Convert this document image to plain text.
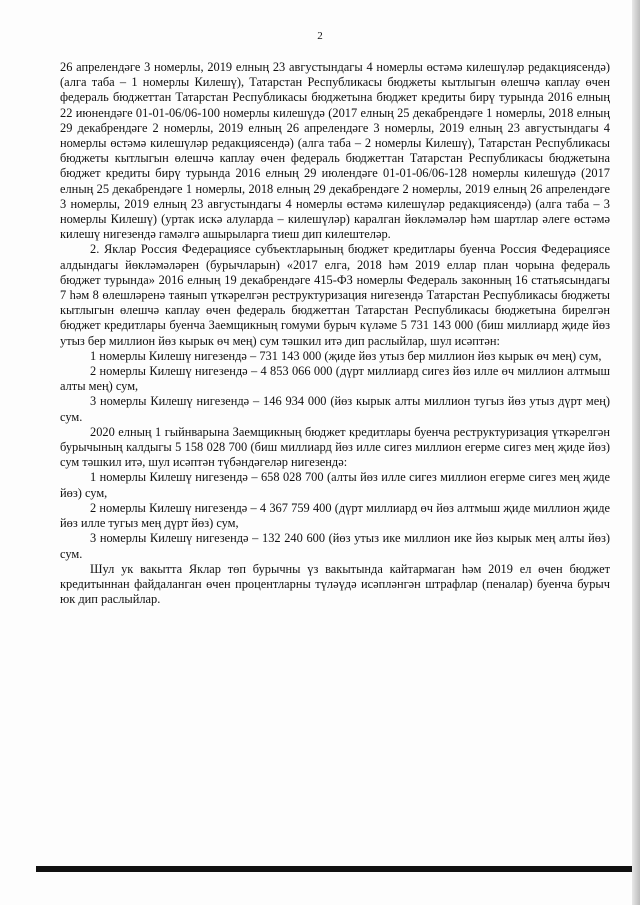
2

26 апрелендәге 3 номерлы, 2019 елның 23 августындагы 4 номерлы өстәмә килешүләр редакциясендә) (алга таба – 1 номерлы Килешү), Татарстан Республикасы бюджеты кытлыгын өлешчә каплау өчен федераль бюджеттан Татарстан Республикасы бюджетына бюджет кредиты бирү турында 2016 елның 22 июнендәге 01-01-06/06-100 номерлы килешүдә (2017 елның 25 декабрендәге 1 номерлы, 2018 елның 29 декабрендәге 2 номерлы, 2019 елның 26 апрелендәге 3 номерлы, 2019 елның 23 августындагы 4 номерлы өстәмә килешүләр редакциясендә) (алга таба – 2 номерлы Килешү), Татарстан Республикасы бюджеты кытлыгын өлешчә каплау өчен федераль бюджеттан Татарстан Республикасы бюджетына бюджет кредиты бирү турында 2016 елның 29 июлендәге 01-01-06/06-128 номерлы килешүдә (2017 елның 25 декабрендәге 1 номерлы, 2018 елның 29 декабрендәге 2 номерлы, 2019 елның 26 апрелендәге 3 номерлы, 2019 елның 23 августындагы 4 номерлы өстәмә килешүләр редакциясендә) (алга таба – 3 номерлы Килешү) (уртак искә алуларда – килешүләр) каралган йөкләмәләр һәм шартлар әлеге өстәмә килешү нигезендә гамәлгә ашырыларга тиеш дип килештеләр.

2. Яклар Россия Федерациясе субъектларының бюджет кредитлары буенча Россия Федерациясе алдындагы йөкләмәләрен (бурычларын) «2017 елга, 2018 һәм 2019 еллар план чорына федераль бюджет турында» 2016 елның 19 декабрендәге 415-ФЗ номерлы Федераль законның 16 статьясындагы 7 һәм 8 өлешләренә таянып үткәрелгән реструктуризация нигезендә Татарстан Республикасы бюджеты кытлыгын өлешчә каплау өчен федераль бюджеттан Татарстан Республикасы бюджетына бирелгән бюджет кредитлары буенча Заемщикның гомуми бурыч күләме 5 731 143 000 (биш миллиард җиде йөз утыз бер миллион йөз кырык өч мең) сум тәшкил итә дип раслыйлар, шул исәптән:

1 номерлы Килешү нигезендә – 731 143 000 (җиде йөз утыз бер миллион йөз кырык өч мең) сум,

2 номерлы Килешү нигезендә – 4 853 066 000 (дүрт миллиард сигез йөз илле өч миллион алтмыш алты мең) сум,

3 номерлы Килешү нигезендә – 146 934 000 (йөз кырык алты миллион тугыз йөз утыз дүрт мең) сум.

2020 елның 1 гыйнварына Заемщикның бюджет кредитлары буенча реструктуризация үткәрелгән бурычының калдыгы 5 158 028 700 (биш миллиард йөз илле сигез миллион егерме сигез мең җиде йөз) сум тәшкил итә, шул исәптән түбәндәгеләр нигезендә:

1 номерлы Килешү нигезендә – 658 028 700 (алты йөз илле сигез миллион егерме сигез мең җиде йөз) сум,

2 номерлы Килешү нигезендә – 4 367 759 400 (дүрт миллиард өч йөз алтмыш җиде миллион җиде йөз илле тугыз мең дүрт йөз) сум,

3 номерлы Килешү нигезендә – 132 240 600 (йөз утыз ике миллион ике йөз кырык мең алты йөз) сум.

Шул ук вакытта Яклар төп бурычны үз вакытында кайтармаган һәм 2019 ел өчен бюджет кредитыннан файдаланган өчен процентларны түләүдә исәпләнгән штрафлар (пеналар) буенча бурыч юк дип раслыйлар.
